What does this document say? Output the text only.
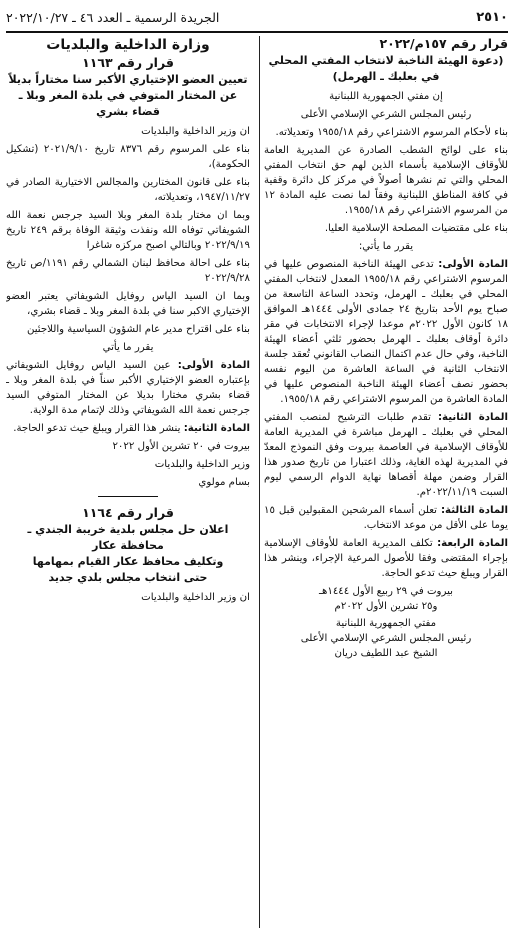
٢٥١٠
الجريدة الرسمية ـ العدد ٤٦ ـ ٢٠٢٢/١٠/٢٧
قرار رقم ١٥٧م/٢٠٢٢
(دعوة الهيئة الناخبة لانتخاب المفتي المحلي في بعلبك ـ الهرمل)

إن مفتي الجمهورية اللبنانية

رئيس المجلس الشرعي الإسلامي الأعلى

بناء لأحكام المرسوم الاشتراعي رقم ١٩٥٥/١٨ وتعديلاته.

بناء على لوائح الشطب الصادرة عن المديرية العامة للأوقاف الإسلامية بأسماء الذين لهم حق انتخاب المفتي المحلي والتي تم نشرها أصولاً في مركز كل دائرة وقفية في كافة المناطق اللبنانية وفقاً لما نصت عليه المادة ١٢ من المرسوم الاشتراعي رقم ١٩٥٥/١٨.

بناء على مقتضيات المصلحة الإسلامية العليا.

يقرر ما يأتي:

المادة الأولى: تدعى الهيئة الناخبة المنصوص عليها في المرسوم الاشتراعي رقم ١٩٥٥/١٨ المعدل لانتخاب المفتي المحلي في بعلبك ـ الهرمل، وتحدد الساعة التاسعة من صباح يوم الأحد بتاريخ ٢٤ جمادى الأولى ١٤٤٤هـ الموافق ١٨ كانون الأول ٢٠٢٢م موعدا لإجراء الانتخابات في مقر دائرة أوقاف بعلبك ـ الهرمل بحضور ثلثي أعضاء الهيئة الناخبة، وفي حال عدم اكتمال النصاب القانوني تُعقد جلسة الانتخاب الثانية في الساعة العاشرة من اليوم نفسه بحضور نصف أعضاء الهيئة الناخبة المنصوص عليها في المادة العاشرة من المرسوم الاشتراعي رقم ١٩٥٥/١٨.

المادة الثانية: تقدم طلبات الترشيح لمنصب المفتي المحلي في بعلبك ـ الهرمل مباشرة في المديرية العامة للأوقاف الإسلامية في العاصمة بيروت وفق النموذج المعدّ في المديرية لهذه الغاية، وذلك اعتبارا من تاريخ صدور هذا القرار وضمن مهلة أقصاها نهاية الدوام الرسمي ليوم السبت ٢٠٢٢/١١/١٩م.

المادة الثالثة: تعلن أسماء المرشحين المقبولين قبل ١٥ يوما على الأقل من موعد الانتخاب.

المادة الرابعة: تكلف المديرية العامة للأوقاف الإسلامية بإجراء المقتضى وفقا للأصول المرعية الإجراء، وينشر هذا القرار ويبلغ حيث تدعو الحاجة.

بيروت في ٢٩ ربيع الأول ١٤٤٤هـ
و٢٥ تشرين الأول ٢٠٢٢م
مفتي الجمهورية اللبنانية
رئيس المجلس الشرعي الإسلامي الأعلى
الشيخ عبد اللطيف دريان
وزارة الداخلية والبلديات
قرار رقم ١١٦٣
تعيين العضو الإختياري الأكبر سنا مختاراً بديلاً عن المختار المتوفي في بلدة المغر وبلا ـ قضاء بشري

ان وزير الداخلية والبلديات

بناء على المرسوم رقم ٨٣٧٦ تاريخ ٢٠٢١/٩/١٠ (تشكيل الحكومة)،

بناء على قانون المختارين والمجالس الاختيارية الصادر في ١٩٤٧/١١/٢٧، وتعديلاته،

وبما ان مختار بلدة المغر وبلا السيد جرجس نعمة الله الشويفاتي توفاه الله ونفذت وثيقة الوفاة برقم ٢٤٩ تاريخ ٢٠٢٢/٩/١٩ وبالتالي اصبح مركزه شاغرا

بناء على احالة محافظ لبنان الشمالي رقم ١١٩١/ص تاريخ ٢٠٢٢/٩/٢٨

وبما ان السيد الياس روفايل الشويفاتي يعتبر العضو الإختياري الاكبر سنا في بلدة المغر وبلا ـ قضاء بشري،

بناء على اقتراح مدير عام الشؤون السياسية واللاجئين

يقرر ما يأتي

المادة الأولى: عين السيد الياس روفايل الشويفاتي بإعتباره العضو الإختياري الأكبر سناً في بلدة المغر وبلا ـ قضاء بشري مختارا بديلا عن المختار المتوفي السيد جرجس نعمة الله الشويفاتي وذلك لإتمام مدة الولاية.

المادة الثانية: ينشر هذا القرار ويبلغ حيث تدعو الحاجة.

بيروت في ٢٠ تشرين الأول ٢٠٢٢

وزير الداخلية والبلديات

بسام مولوي

قرار رقم ١١٦٤
اعلان حل مجلس بلدية خريبة الجندي ـ
محافظة عكار
وتكليف محافظ عكار القيام بمهامها
حتى انتخاب مجلس بلدي جديد

ان وزير الداخلية والبلديات
